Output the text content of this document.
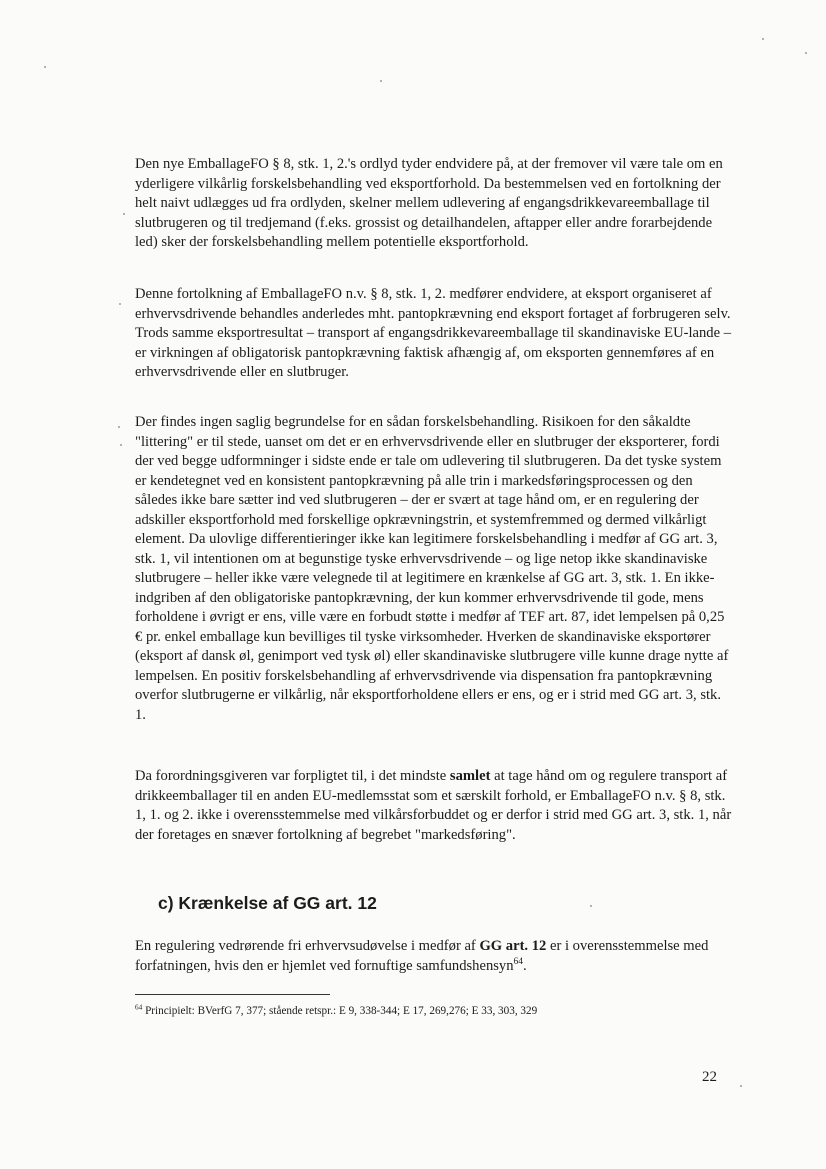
Den nye EmballageFO § 8, stk. 1, 2.'s ordlyd tyder endvidere på, at der fremover vil være tale om en yderligere vilkårlig forskelsbehandling ved eksportforhold. Da bestemmelsen ved en fortolkning der helt naivt udlægges ud fra ordlyden, skelner mellem udlevering af engangsdrikkevareemballage til slutbrugeren og til tredjemand (f.eks. grossist og detailhandelen, aftapper eller andre forarbejdende led) sker der forskelsbehandling mellem potentielle eksportforhold.

Denne fortolkning af EmballageFO n.v. § 8, stk. 1, 2. medfører endvidere, at eksport organiseret af erhvervsdrivende behandles anderledes mht. pantopkrævning end eksport fortaget af forbrugeren selv. Trods samme eksportresultat – transport af engangsdrikkevareemballage til skandinaviske EU-lande – er virkningen af obligatorisk pantopkrævning faktisk afhængig af, om eksporten gennemføres af en erhvervsdrivende eller en slutbruger.

Der findes ingen saglig begrundelse for en sådan forskelsbehandling. Risikoen for den såkaldte "littering" er til stede, uanset om det er en erhvervsdrivende eller en slutbruger der eksporterer, fordi der ved begge udformninger i sidste ende er tale om udlevering til slutbrugeren. Da det tyske system er kendetegnet ved en konsistent pantopkrævning på alle trin i markedsføringsprocessen og den således ikke bare sætter ind ved slutbrugeren – der er svært at tage hånd om, er en regulering der adskiller eksportforhold med forskellige opkrævningstrin, et systemfremmed og dermed vilkårligt element. Da ulovlige differentieringer ikke kan legitimere forskelsbehandling i medfør af GG art. 3, stk. 1, vil intentionen om at begunstige tyske erhvervsdrivende – og lige netop ikke skandinaviske slutbrugere – heller ikke være velegnede til at legitimere en krænkelse af GG art. 3, stk. 1. En ikke-indgriben af den obligatoriske pantopkrævning, der kun kommer erhvervsdrivende til gode, mens forholdene i øvrigt er ens, ville være en forbudt støtte i medfør af TEF art. 87, idet lempelsen på 0,25 € pr. enkel emballage kun bevilliges til tyske virksomheder. Hverken de skandinaviske eksportører (eksport af dansk øl, genimport ved tysk øl) eller skandinaviske slutbrugere ville kunne drage nytte af lempelsen. En positiv forskelsbehandling af erhvervsdrivende via dispensation fra pantopkrævning overfor slutbrugerne er vilkårlig, når eksportforholdene ellers er ens, og er i strid med GG art. 3, stk. 1.

Da forordningsgiveren var forpligtet til, i det mindste samlet at tage hånd om og regulere transport af drikkeemballager til en anden EU-medlemsstat som et særskilt forhold, er EmballageFO n.v. § 8, stk. 1, 1. og 2. ikke i overensstemmelse med vilkårsforbuddet og er derfor i strid med GG art. 3, stk. 1, når der foretages en snæver fortolkning af begrebet "markedsføring".

c) Krænkelse af GG art. 12

En regulering vedrørende fri erhvervsudøvelse i medfør af GG art. 12 er i overensstemmelse med forfatningen, hvis den er hjemlet ved fornuftige samfundshensyn$^{64}$.

$^{64}$ Principielt: BVerfG 7, 377; stående retspr.: E 9, 338-344; E 17, 269,276; E 33, 303, 329

22
